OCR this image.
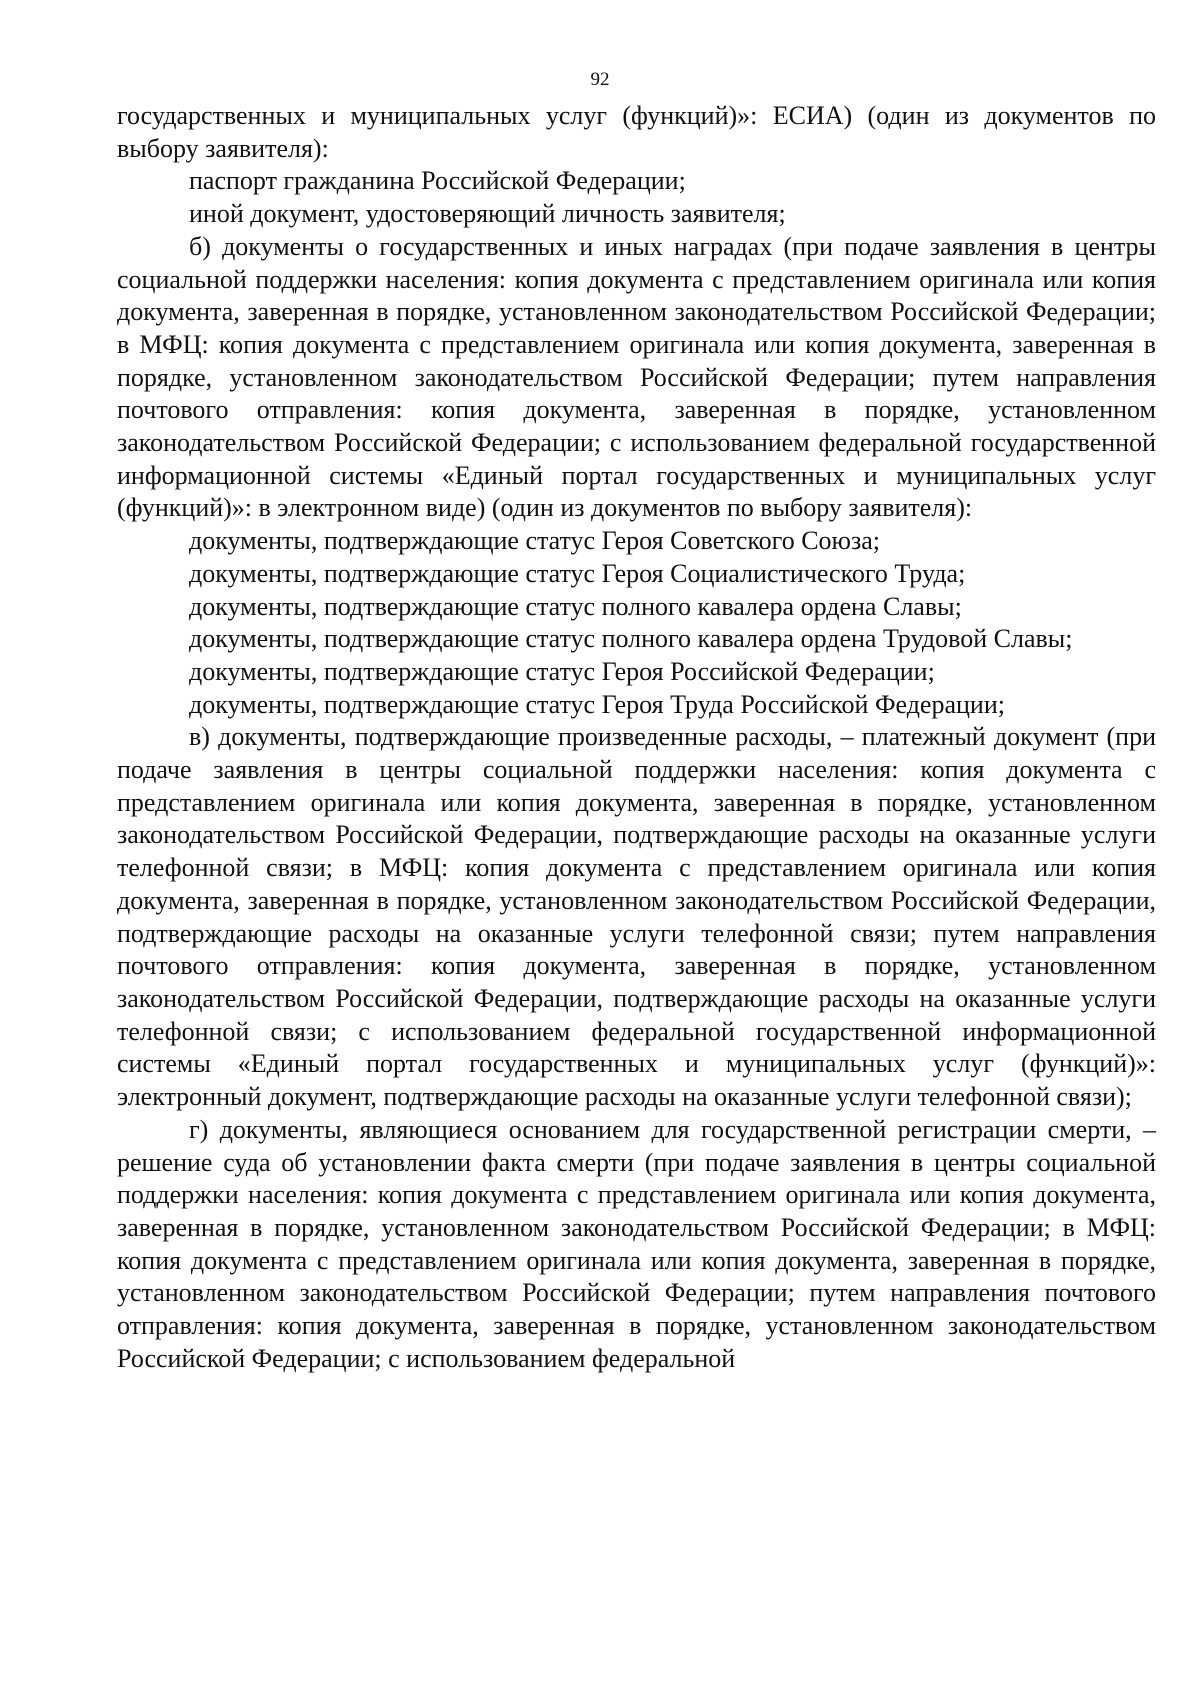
92

государственных и муниципальных услуг (функций)»: ЕСИА) (один из документов по выбору заявителя):

паспорт гражданина Российской Федерации;

иной документ, удостоверяющий личность заявителя;

б) документы о государственных и иных наградах (при подаче заявления в центры социальной поддержки населения: копия документа с представлением оригинала или копия документа, заверенная в порядке, установленном законодательством Российской Федерации; в МФЦ: копия документа с представлением оригинала или копия документа, заверенная в порядке, установленном законодательством Российской Федерации; путем направления почтового отправления: копия документа, заверенная в порядке, установленном законодательством Российской Федерации; с использованием федеральной государственной информационной системы «Единый портал государственных и муниципальных услуг (функций)»: в электронном виде) (один из документов по выбору заявителя):

документы, подтверждающие статус Героя Советского Союза;

документы, подтверждающие статус Героя Социалистического Труда;

документы, подтверждающие статус полного кавалера ордена Славы;

документы, подтверждающие статус полного кавалера ордена Трудовой Славы;

документы, подтверждающие статус Героя Российской Федерации;

документы, подтверждающие статус Героя Труда Российской Федерации;

в) документы, подтверждающие произведенные расходы, – платежный документ (при подаче заявления в центры социальной поддержки населения: копия документа с представлением оригинала или копия документа, заверенная в порядке, установленном законодательством Российской Федерации, подтверждающие расходы на оказанные услуги телефонной связи; в МФЦ: копия документа с представлением оригинала или копия документа, заверенная в порядке, установленном законодательством Российской Федерации, подтверждающие расходы на оказанные услуги телефонной связи; путем направления почтового отправления: копия документа, заверенная в порядке, установленном законодательством Российской Федерации, подтверждающие расходы на оказанные услуги телефонной связи; с использованием федеральной государственной информационной системы «Единый портал государственных и муниципальных услуг (функций)»: электронный документ, подтверждающие расходы на оказанные услуги телефонной связи);

г) документы, являющиеся основанием для государственной регистрации смерти, – решение суда об установлении факта смерти (при подаче заявления в центры социальной поддержки населения: копия документа с представлением оригинала или копия документа, заверенная в порядке, установленном законодательством Российской Федерации; в МФЦ: копия документа с представлением оригинала или копия документа, заверенная в порядке, установленном законодательством Российской Федерации; путем направления почтового отправления: копия документа, заверенная в порядке, установленном законодательством Российской Федерации; с использованием федеральной
